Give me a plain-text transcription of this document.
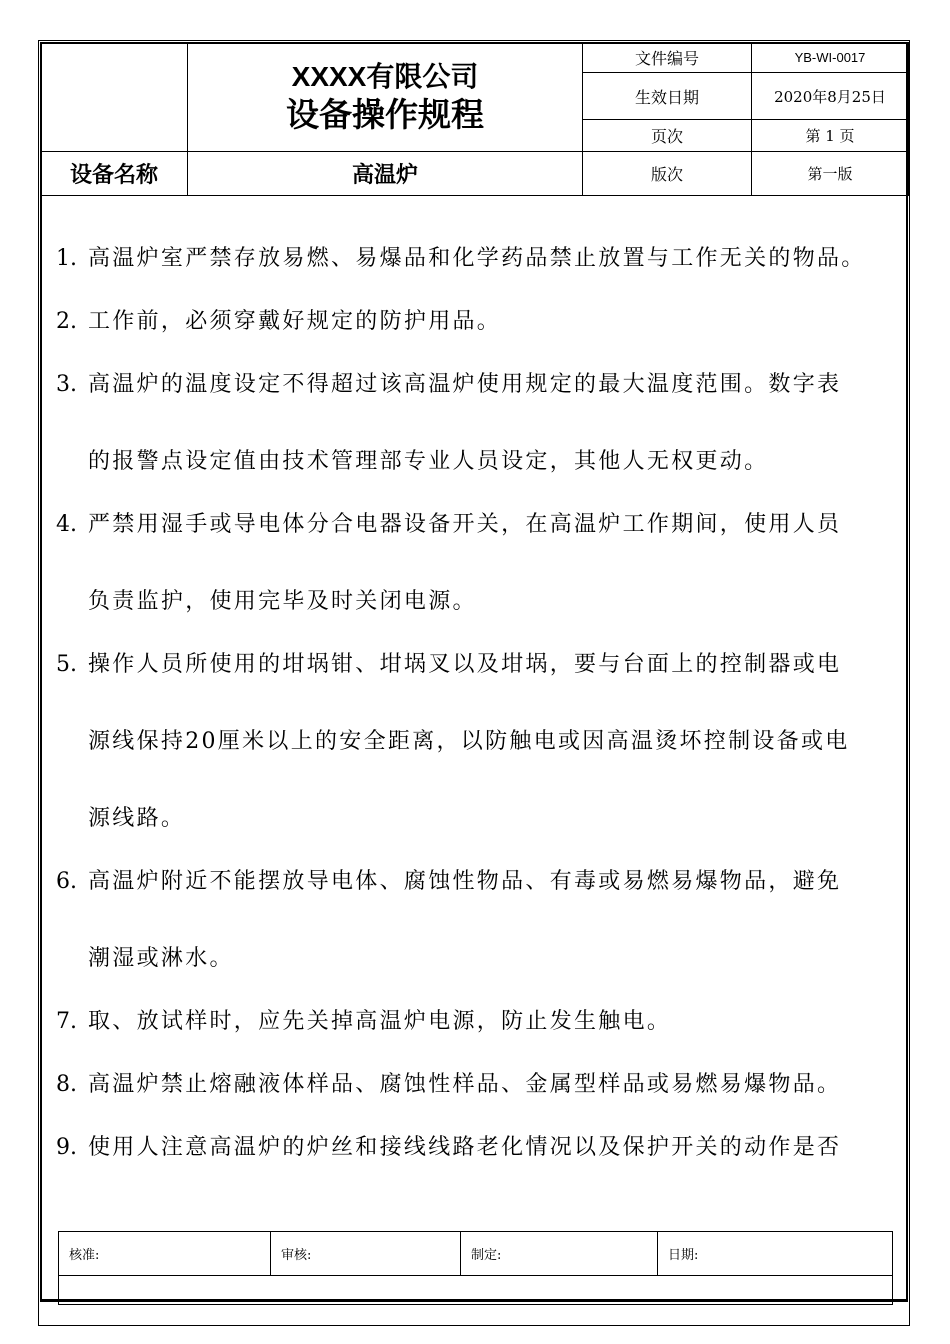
	XXXX有限公司
设备操作规程	文件编号	YB-WI-0017
		生效日期	2020年8月25日
		页次	第 1 页
设备名称	高温炉	版次	第一版
1. 高温炉室严禁存放易燃、易爆品和化学药品禁止放置与工作无关的物品。
2. 工作前，必须穿戴好规定的防护用品。
3. 高温炉的温度设定不得超过该高温炉使用规定的最大温度范围。数字表
的报警点设定值由技术管理部专业人员设定，其他人无权更动。
4. 严禁用湿手或导电体分合电器设备开关，在高温炉工作期间，使用人员
负责监护，使用完毕及时关闭电源。
5. 操作人员所使用的坩埚钳、坩埚叉以及坩埚，要与台面上的控制器或电
源线保持20厘米以上的安全距离，以防触电或因高温烫坏控制设备或电
源线路。
6. 高温炉附近不能摆放导电体、腐蚀性物品、有毒或易燃易爆物品，避免
潮湿或淋水。
7. 取、放试样时，应先关掉高温炉电源，防止发生触电。
8. 高温炉禁止熔融液体样品、腐蚀性样品、金属型样品或易燃易爆物品。
9. 使用人注意高温炉的炉丝和接线线路老化情况以及保护开关的动作是否
核准:	审核:	制定:	日期:
